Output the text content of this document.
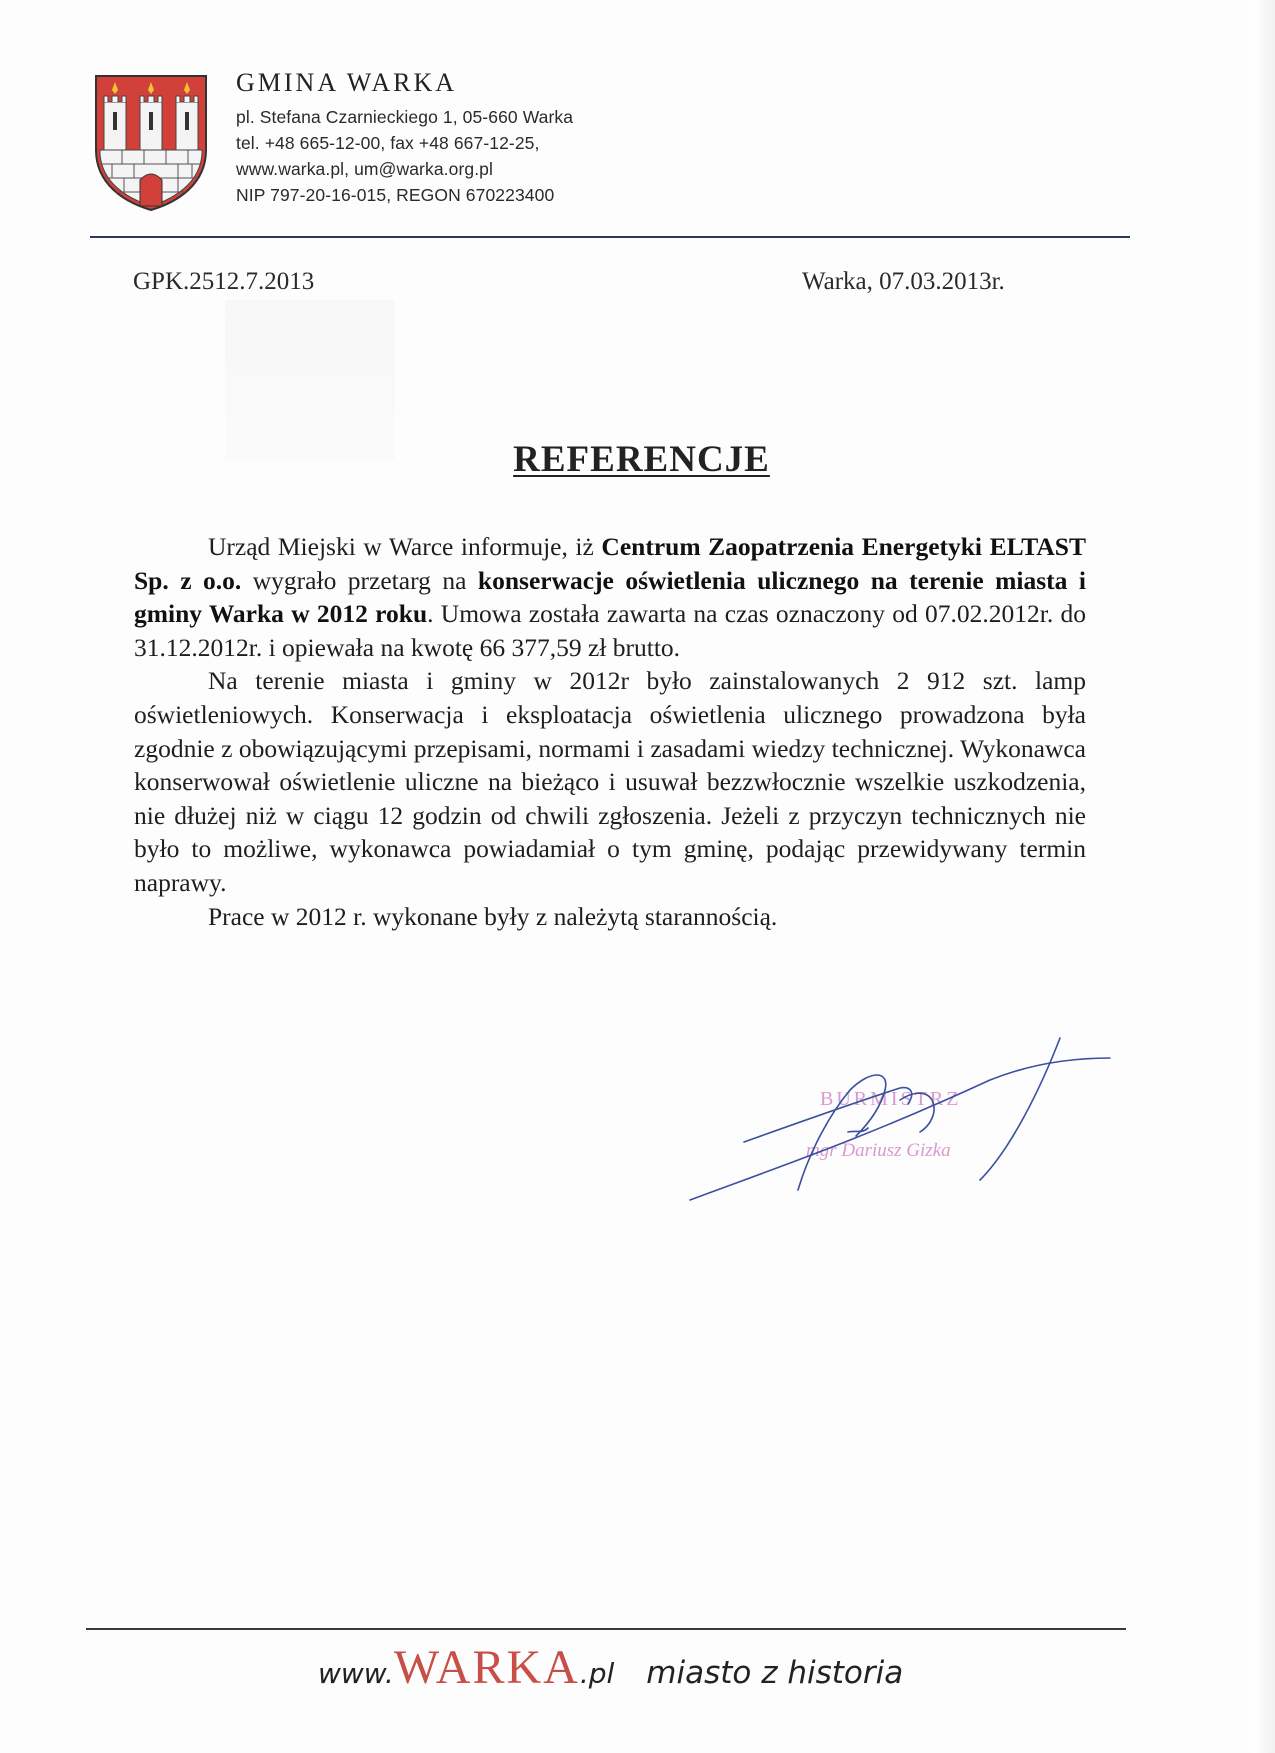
GMINA WARKA
pl. Stefana Czarnieckiego 1, 05-660 Warka
tel. +48 665-12-00, fax +48 667-12-25,
www.warka.pl, um@warka.org.pl
NIP 797-20-16-015, REGON 670223400
GPK.2512.7.2013	Warka, 07.03.2013r.
REFERENCJE

Urząd Miejski w Warce informuje, iż Centrum Zaopatrzenia Energetyki ELTAST Sp. z o.o. wygrało przetarg na konserwacje oświetlenia ulicznego na terenie miasta i gminy Warka w 2012 roku. Umowa została zawarta na czas oznaczony od 07.02.2012r. do 31.12.2012r. i opiewała na kwotę 66 377,59 zł brutto.

Na terenie miasta i gminy w 2012r było zainstalowanych 2 912 szt. lamp oświetleniowych. Konserwacja i eksploatacja oświetlenia ulicznego prowadzona była zgodnie z obowiązującymi przepisami, normami i zasadami wiedzy technicznej. Wykonawca konserwował oświetlenie uliczne na bieżąco i usuwał bezzwłocznie wszelkie uszkodzenia, nie dłużej niż w ciągu 12 godzin od chwili zgłoszenia. Jeżeli z przyczyn technicznych nie było to możliwe, wykonawca powiadamiał o tym gminę, podając przewidywany termin naprawy.

Prace w 2012 r. wykonane były z należytą starannością.

BURMISTRZ
mgr Dariusz Gizka
www.WARKA.pl miasto z historia
